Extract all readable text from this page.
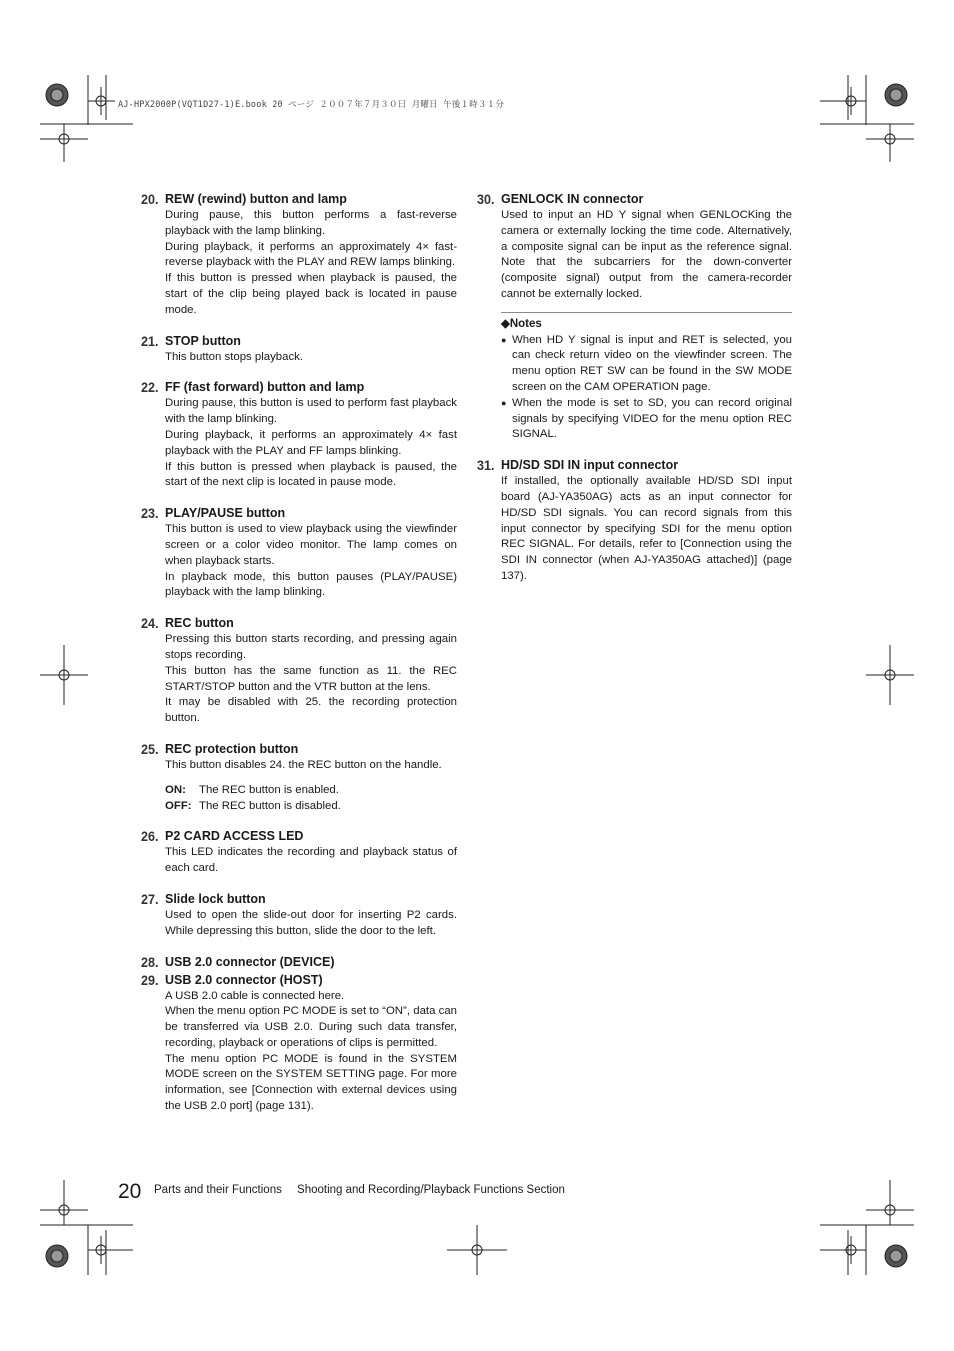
AJ-HPX2000P(VQT1D27-1)E.book 20 ページ ２００７年７月３０日 月曜日 午後１時３１分
20. REW (rewind) button and lamp

During pause, this button performs a fast-reverse playback with the lamp blinking.

During playback, it performs an approximately 4× fast-reverse playback with the PLAY and REW lamps blinking.

If this button is pressed when playback is paused, the start of the clip being played back is located in pause mode.

21. STOP button

This button stops playback.

22. FF (fast forward) button and lamp

During pause, this button is used to perform fast playback with the lamp blinking.

During playback, it performs an approximately 4× fast playback with the PLAY and FF lamps blinking.

If this button is pressed when playback is paused, the start of the next clip is located in pause mode.

23. PLAY/PAUSE button

This button is used to view playback using the viewfinder screen or a color video monitor. The lamp comes on when playback starts.

In playback mode, this button pauses (PLAY/PAUSE) playback with the lamp blinking.

24. REC button

Pressing this button starts recording, and pressing again stops recording.

This button has the same function as 11. the REC START/STOP button and the VTR button at the lens.

It may be disabled with 25. the recording protection button.

25. REC protection button

This button disables 24. the REC button on the handle.

ON:	The REC button is enabled.
OFF: The REC button is disabled.
26. P2 CARD ACCESS LED

This LED indicates the recording and playback status of each card.

27. Slide lock button

Used to open the slide-out door for inserting P2 cards. While depressing this button, slide the door to the left.

28. USB 2.0 connector (DEVICE)
29. USB 2.0 connector (HOST)

A USB 2.0 cable is connected here.

When the menu option PC MODE is set to “ON”, data can be transferred via USB 2.0. During such data transfer, recording, playback or operations of clips is permitted.

The menu option PC MODE is found in the SYSTEM MODE screen on the SYSTEM SETTING page. For more information, see [Connection with external devices using the USB 2.0 port] (page 131).

30. GENLOCK IN connector

Used to input an HD Y signal when GENLOCKing the camera or externally locking the time code. Alternatively, a composite signal can be input as the reference signal. Note that the subcarriers for the down-converter (composite signal) output from the camera-recorder cannot be externally locked.

◆Notes
● When HD Y signal is input and RET is selected, you can check return video on the viewfinder screen. The menu option RET SW can be found in the SW MODE screen on the CAM OPERATION page.
● When the mode is set to SD, you can record original signals by specifying VIDEO for the menu option REC SIGNAL.
31. HD/SD SDI IN input connector

If installed, the optionally available HD/SD SDI input board (AJ-YA350AG) acts as an input connector for HD/SD SDI signals. You can record signals from this input connector by specifying SDI for the menu option REC SIGNAL. For details, refer to [Connection using the SDI IN connector (when AJ-YA350AG attached)] (page 137).

20 Parts and their Functions Shooting and Recording/Playback Functions Section
